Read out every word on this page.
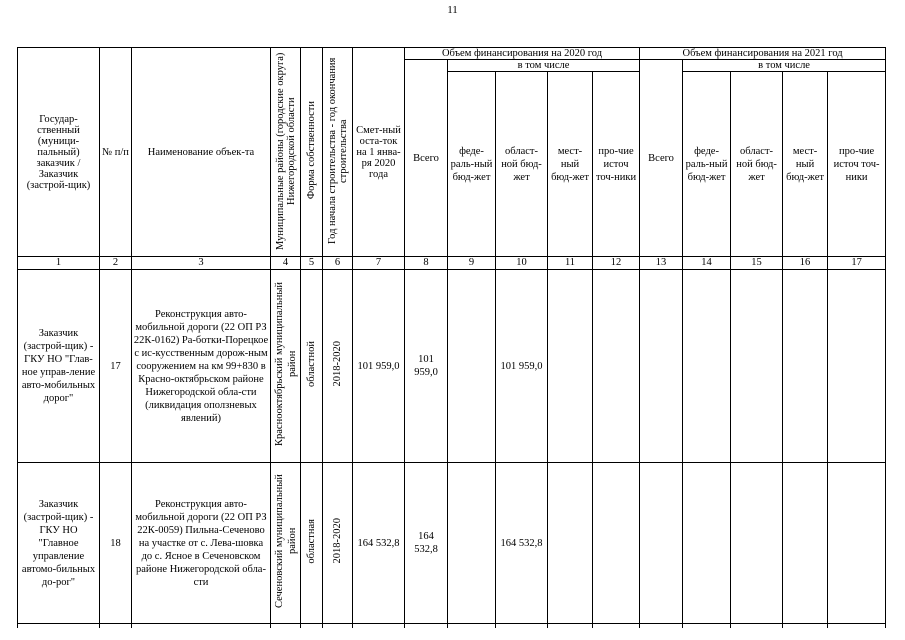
11
Государ-ственный (муници-пальный) заказчик / Заказчик (застрой-щик)	№ п/п	Наименование объек-та	Муниципальные районы (городские округа) Нижегородской области	Форма собственности	Год начала строительства - год окончания строительства	Смет-ный оста-ток на 1 янва-ря 2020 года	Объем финансирования на 2020 год					Объем финансирования на 2021 год				
							Всего	в том числе				Всего	в том числе			
								феде-раль-ный бюд-жет	област-ной бюд-жет	мест-ный бюд-жет	про-чие источ точ-ники		феде-раль-ный бюд-жет	област-ной бюд-жет	мест-ный бюд-жет	про-чие источ точ-ники
1	2	3	4	5	6	7	8	9	10	11	12	13	14	15	16	17
Заказчик (застрой-щик) - ГКУ НО "Глав-ное управ-ление авто-мобильных дорог"	17	Реконструкция авто-мобильной дороги (22 ОП РЗ 22К-0162) Ра-ботки-Порецкое с ис-кусственным дорож-ным сооружением на км 99+830 в Красно-октябрьском районе Нижегородской обла-сти (ликвидация оползневых явлений)	Краснооктябрьский муниципальный район	областной	2018-2020	101 959,0	101 959,0		101 959,0							
Заказчик (застрой-щик) - ГКУ НО "Главное управление автомо-бильных до-рог"	18	Реконструкция авто-мобильной дороги (22 ОП РЗ 22К-0059) Пильна-Сеченово на участке от с. Лева-шовка до с. Ясное в Сеченовском районе Нижегородской обла-сти	Сеченовский муниципальный район	областная	2018-2020	164 532,8	164 532,8		164 532,8							
